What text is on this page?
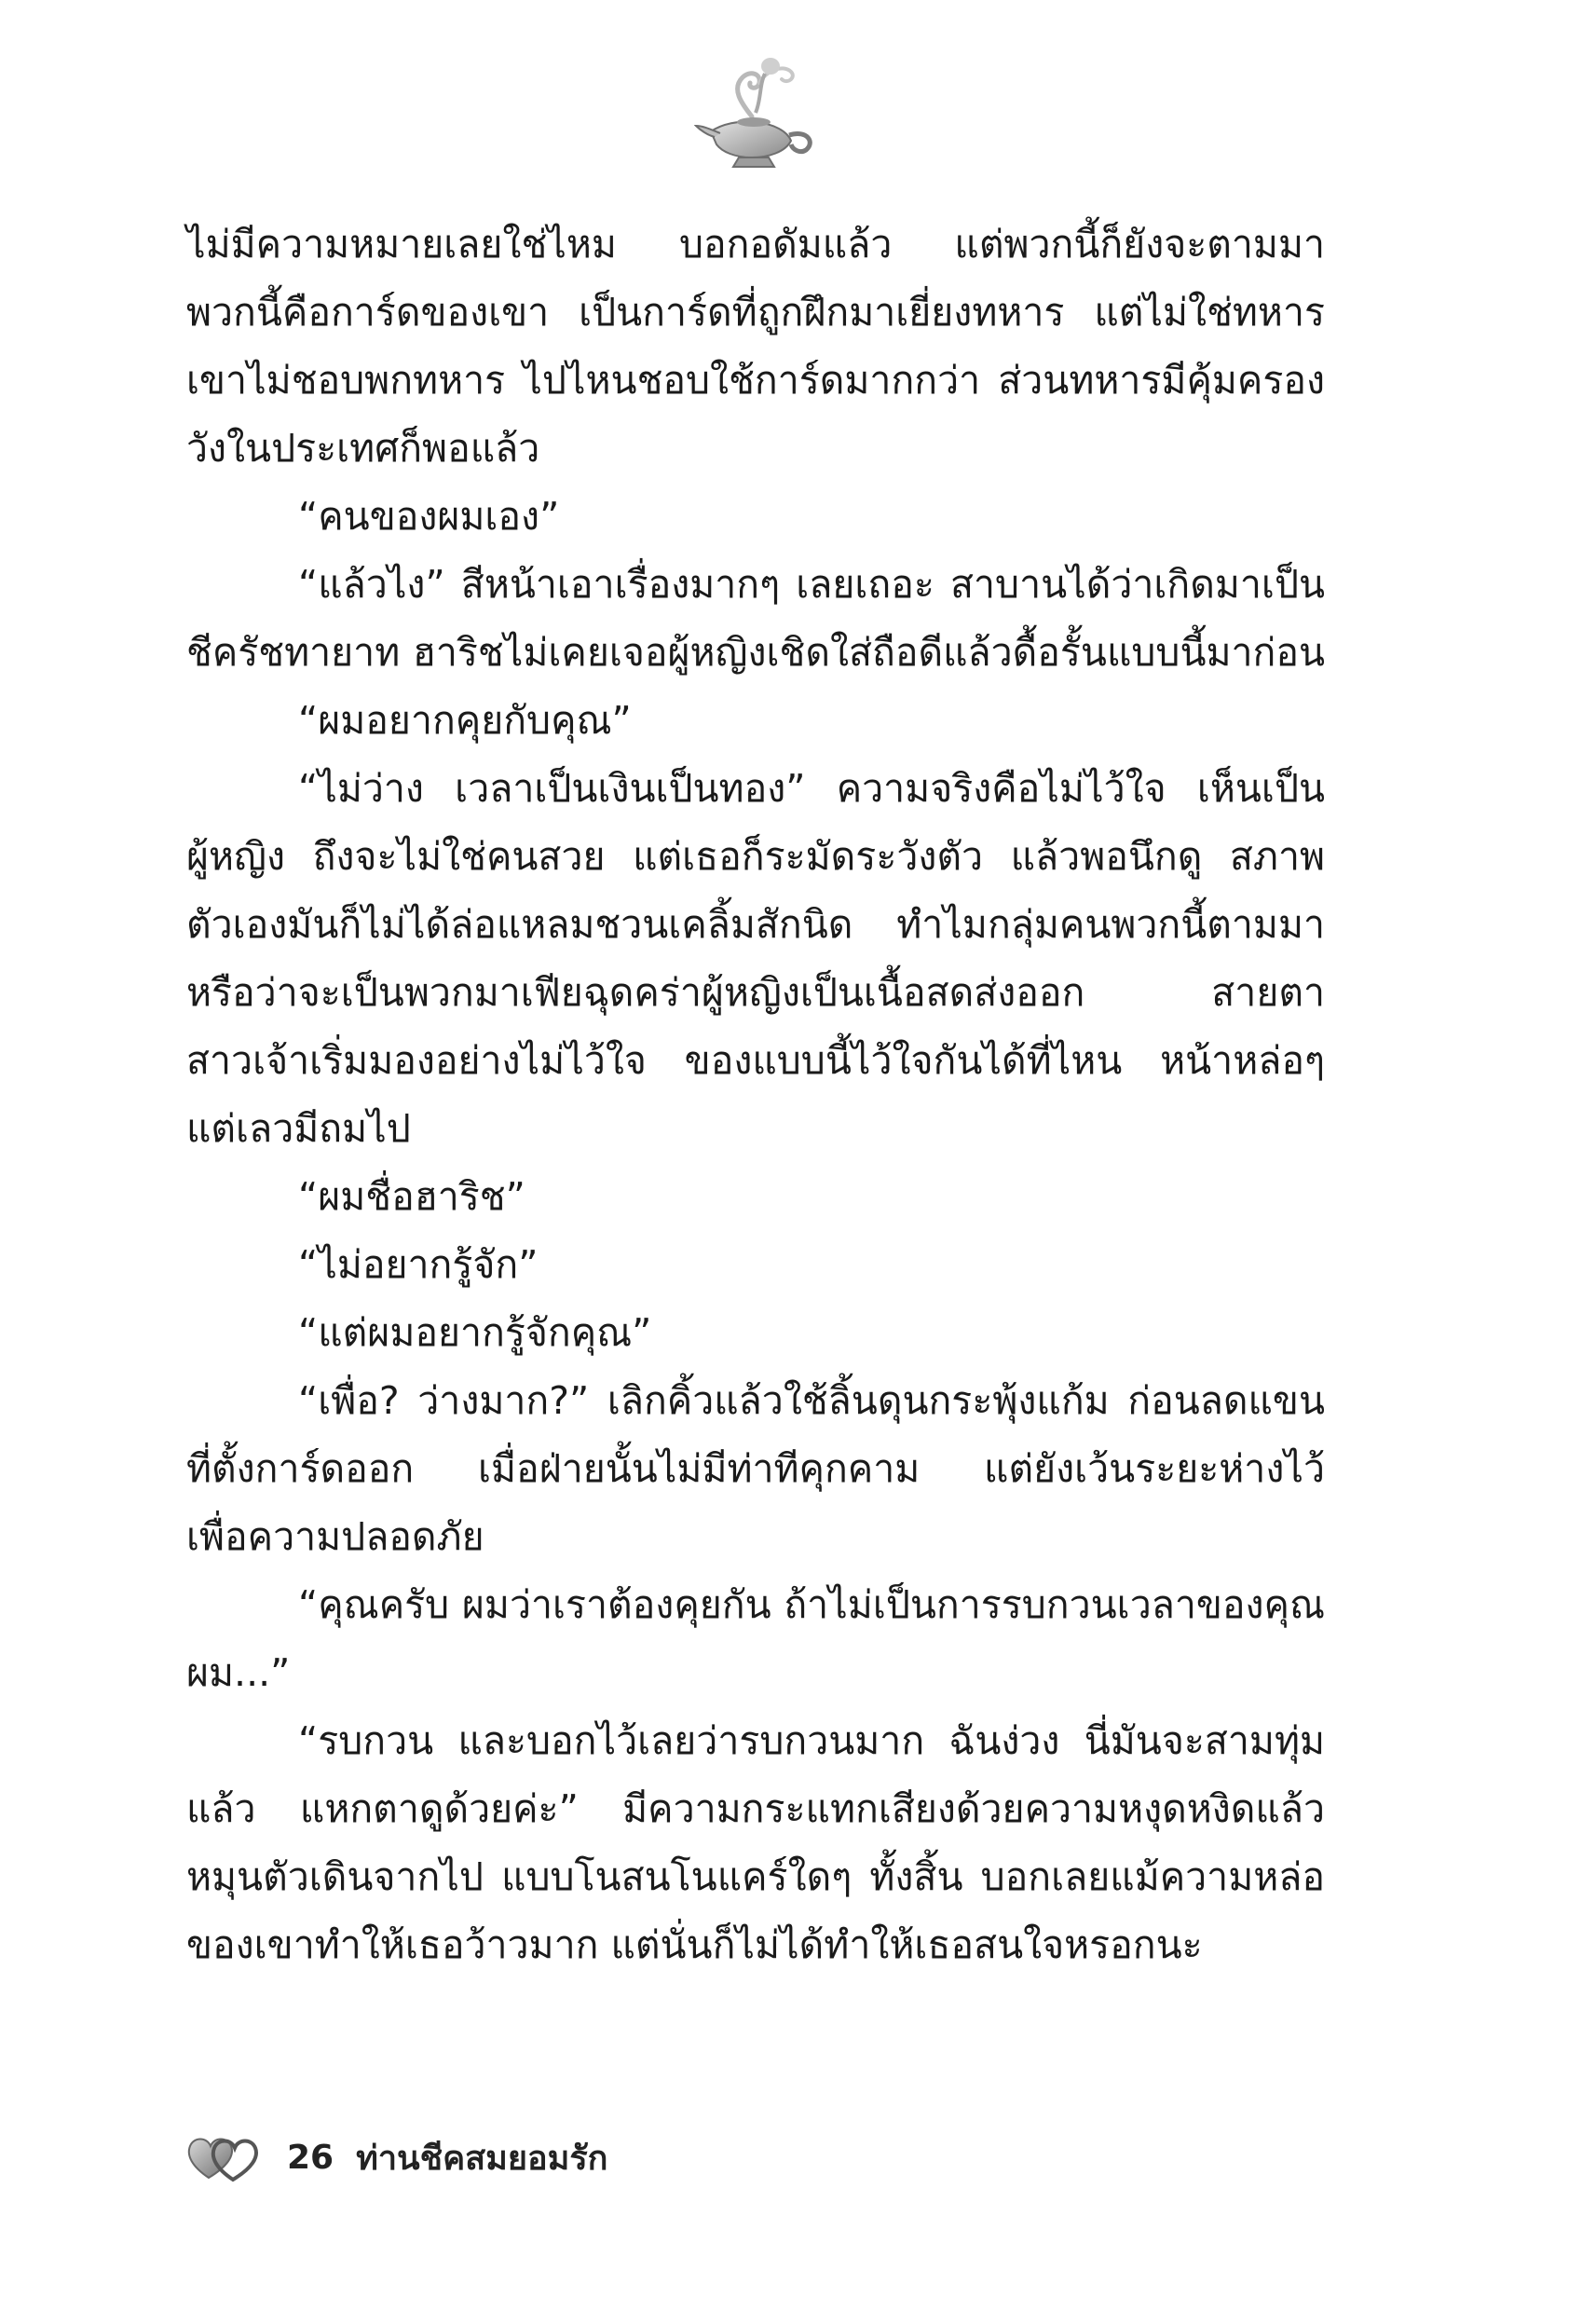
ไม่มีความหมายเลยใช่ไหม บอกอดัมแล้ว แต่พวกนี้ก็ยังจะตามมา
พวกนี้คือการ์ดของเขา เป็นการ์ดที่ถูกฝึกมาเยี่ยงทหาร แต่ไม่ใช่ทหาร
เขาไม่ชอบพกทหาร ไปไหนชอบใช้การ์ดมากกว่า ส่วนทหารมีคุ้มครอง
วังในประเทศก็พอแล้ว
“คนของผมเอง”
“แล้วไง” สีหน้าเอาเรื่องมากๆ เลยเถอะ สาบานได้ว่าเกิดมาเป็น
ชีครัชทายาท ฮาริชไม่เคยเจอผู้หญิงเชิดใส่ถือดีแล้วดื้อรั้นแบบนี้มาก่อน
“ผมอยากคุยกับคุณ”
“ไม่ว่าง เวลาเป็นเงินเป็นทอง” ความจริงคือไม่ไว้ใจ เห็นเป็น
ผู้หญิง ถึงจะไม่ใช่คนสวย แต่เธอก็ระมัดระวังตัว แล้วพอนึกดู สภาพ
ตัวเองมันก็ไม่ได้ล่อแหลมชวนเคลิ้มสักนิด ทำไมกลุ่มคนพวกนี้ตามมา
หรือว่าจะเป็นพวกมาเฟียฉุดคร่าผู้หญิงเป็นเนื้อสดส่งออก สายตา
สาวเจ้าเริ่มมองอย่างไม่ไว้ใจ ของแบบนี้ไว้ใจกันได้ที่ไหน หน้าหล่อๆ
แต่เลวมีถมไป
“ผมชื่อฮาริช”
“ไม่อยากรู้จัก”
“แต่ผมอยากรู้จักคุณ”
“เพื่อ? ว่างมาก?” เลิกคิ้วแล้วใช้ลิ้นดุนกระพุ้งแก้ม ก่อนลดแขน
ที่ตั้งการ์ดออก เมื่อฝ่ายนั้นไม่มีท่าทีคุกคาม แต่ยังเว้นระยะห่างไว้
เพื่อความปลอดภัย
“คุณครับ ผมว่าเราต้องคุยกัน ถ้าไม่เป็นการรบกวนเวลาของคุณ
ผม...”
“รบกวน และบอกไว้เลยว่ารบกวนมาก ฉันง่วง นี่มันจะสามทุ่ม
แล้ว แหกตาดูด้วยค่ะ” มีความกระแทกเสียงด้วยความหงุดหงิดแล้ว
หมุนตัวเดินจากไป แบบโนสนโนแคร์ใดๆ ทั้งสิ้น บอกเลยแม้ความหล่อ
ของเขาทำให้เธอว้าวมาก แต่นั่นก็ไม่ได้ทำให้เธอสนใจหรอกนะ
26 ท่านชีคสมยอมรัก
